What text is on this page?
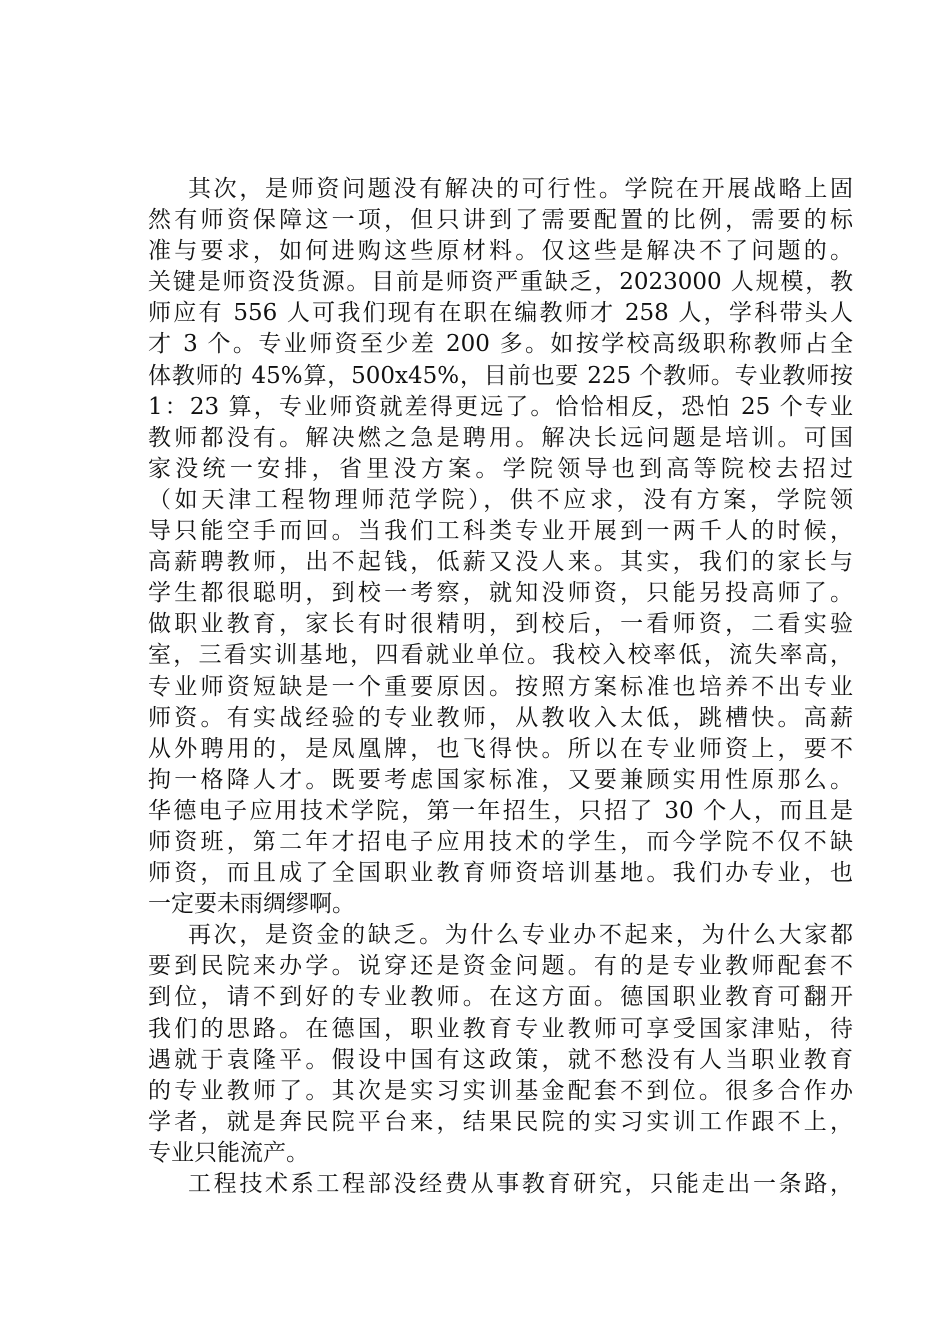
其次，是师资问题没有解决的可行性。学院在开展战略上固
然有师资保障这一项，但只讲到了需要配置的比例，需要的标
准与要求，如何进购这些原材料。仅这些是解决不了问题的。
关键是师资没货源。目前是师资严重缺乏，2023000 人规模，教
师应有 556 人可我们现有在职在编教师才 258 人，学科带头人
才 3 个。专业师资至少差 200 多。如按学校高级职称教师占全
体教师的 45%算，500x45%，目前也要 225 个教师。专业教师按
1：23 算，专业师资就差得更远了。恰恰相反，恐怕 25 个专业
教师都没有。解决燃之急是聘用。解决长远问题是培训。可国
家没统一安排，省里没方案。学院领导也到高等院校去招过
（如天津工程物理师范学院），供不应求，没有方案，学院领
导只能空手而回。当我们工科类专业开展到一两千人的时候，
高薪聘教师，出不起钱，低薪又没人来。其实，我们的家长与
学生都很聪明，到校一考察，就知没师资，只能另投高师了。
做职业教育，家长有时很精明，到校后，一看师资，二看实验
室，三看实训基地，四看就业单位。我校入校率低，流失率高，
专业师资短缺是一个重要原因。按照方案标准也培养不出专业
师资。有实战经验的专业教师，从教收入太低，跳槽快。高薪
从外聘用的，是凤凰牌，也飞得快。所以在专业师资上，要不
拘一格降人才。既要考虑国家标准，又要兼顾实用性原那么。
华德电子应用技术学院，第一年招生，只招了 30 个人，而且是
师资班，第二年才招电子应用技术的学生，而今学院不仅不缺
师资，而且成了全国职业教育师资培训基地。我们办专业，也
一定要未雨绸缪啊。
再次，是资金的缺乏。为什么专业办不起来，为什么大家都
要到民院来办学。说穿还是资金问题。有的是专业教师配套不
到位，请不到好的专业教师。在这方面。德国职业教育可翻开
我们的思路。在德国，职业教育专业教师可享受国家津贴，待
遇就于袁隆平。假设中国有这政策，就不愁没有人当职业教育
的专业教师了。其次是实习实训基金配套不到位。很多合作办
学者，就是奔民院平台来，结果民院的实习实训工作跟不上，
专业只能流产。
工程技术系工程部没经费从事教育研究，只能走出一条路，
